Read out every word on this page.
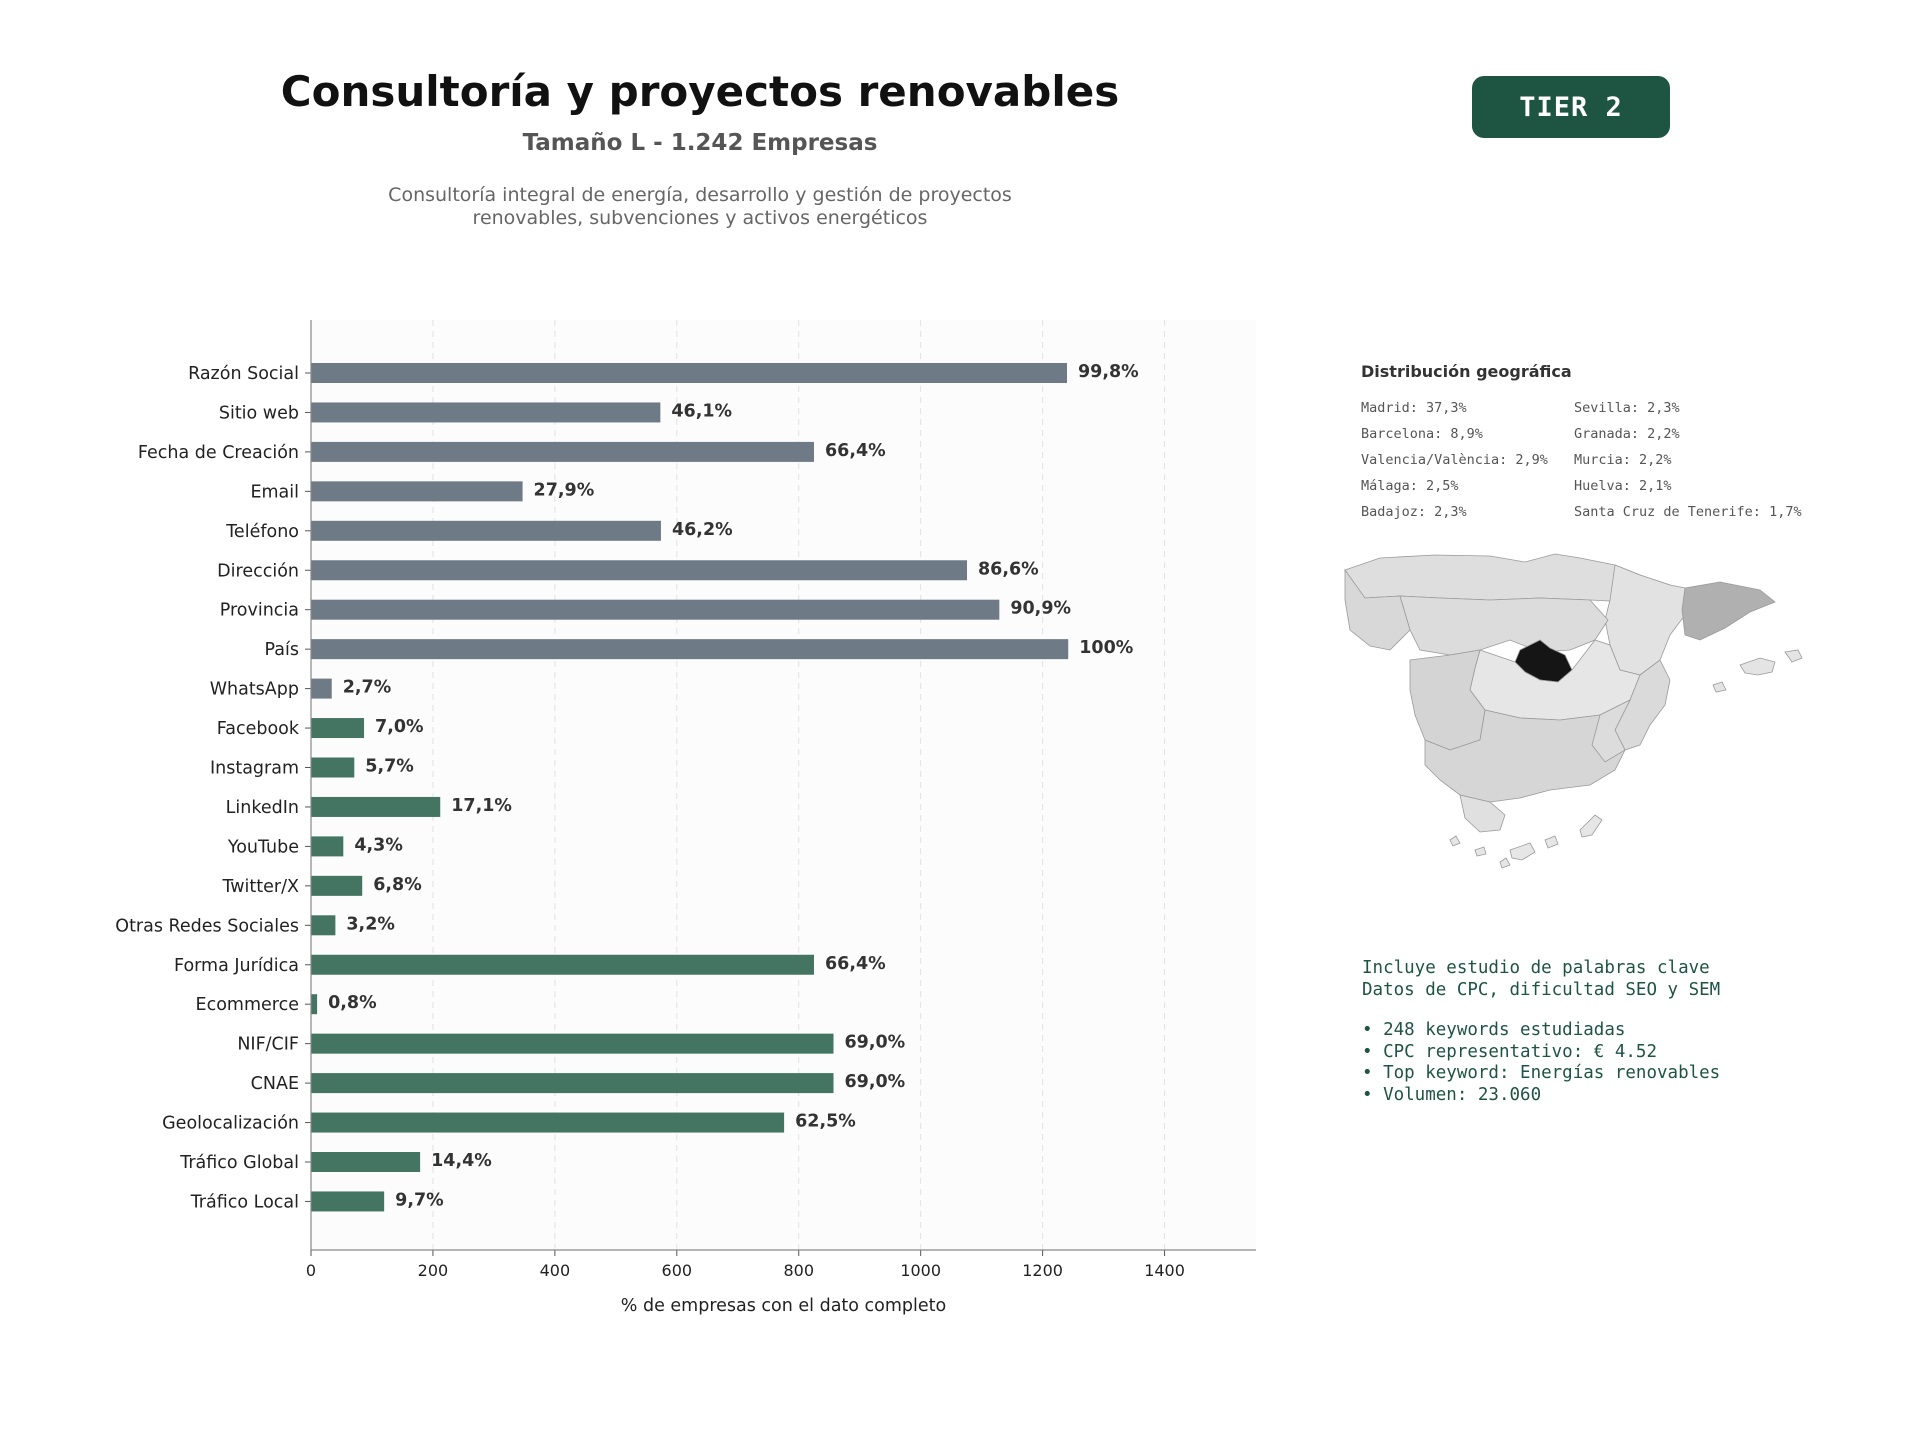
Consultoría y proyectos renovables
Tamaño L - 1.242 Empresas
Consultoría integral de energía, desarrollo y gestión de proyectos
renovables, subvenciones y activos energéticos
TIER 2
0	200	400	600	800	1000	1200	1400
Razón Social	99,8%
Sitio web	46,1%
Fecha de Creación	66,4%
Email	27,9%
Teléfono	46,2%
Dirección	86,6%
Provincia	90,9%
País	100%
WhatsApp 2,7%
Facebook	7,0%
Instagram	5,7%
LinkedIn	17,1%
YouTube	4,3%
Twitter/X	6,8%
Otras Redes Sociales	3,2%
Forma Jurídica	66,4%
Ecommerce 0,8%
NIF/CIF	69,0%
CNAE	69,0%
Geolocalización	62,5%
Tráfico Global	14,4%
Tráfico Local	9,7%
% de empresas con el dato completo
Distribución geográfica
Madrid: 37,3%	Sevilla: 2,3%
Barcelona: 8,9%	Granada: 2,2%
Valencia/València: 2,9%	Murcia: 2,2%
Málaga: 2,5%	Huelva: 2,1%
Badajoz: 2,3%	Santa Cruz de Tenerife: 1,7%
Incluye estudio de palabras clave
Datos de CPC, dificultad SEO y SEM
• 248 keywords estudiadas
• CPC representativo: € 4.52
• Top keyword: Energías renovables
• Volumen: 23.060
